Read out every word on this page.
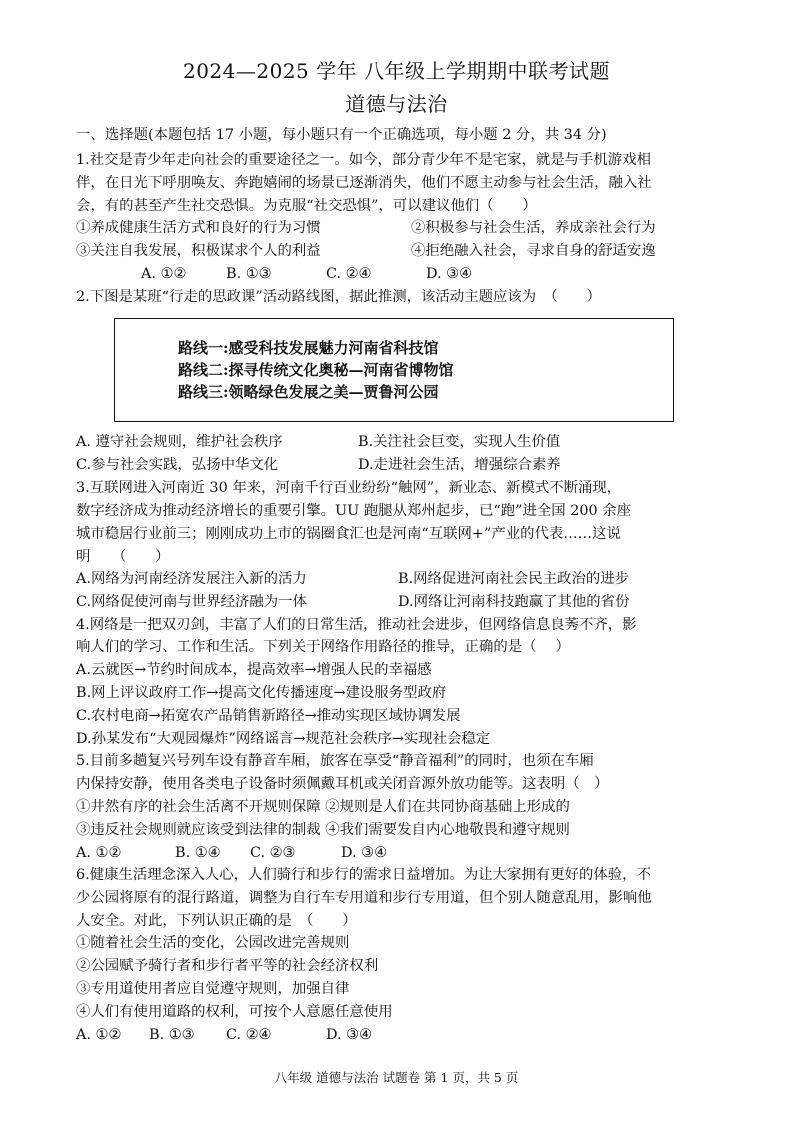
2024—2025 学年 八年级上学期期中联考试题
道德与法治
一、选择题(本题包括 17 小题，每小题只有一个正确选项，每小题 2 分，共 34 分)
1.社交是青少年走向社会的重要途径之一。如今，部分青少年不是宅家，就是与手机游戏相
伴，在日光下呼朋唤友、奔跑嬉闹的场景已逐渐消失，他们不愿主动参与社会生活，融入社
会，有的甚至产生社交恐惧。为克服“社交恐惧”，可以建议他们（　　）
①养成健康生活方式和良好的行为习惯	②积极参与社会生活，养成亲社会行为
③关注自我发展，积极谋求个人的利益	④拒绝融入社会，寻求自身的舒适安逸
A. ①②	B. ①③	C. ②④	D. ③④
2.下图是某班“行走的思政课”活动路线图，据此推测，该活动主题应该为　（　　）
路线一:感受科技发展魅力河南省科技馆
路线二:探寻传统文化奥秘—河南省博物馆
路线三:领略绿色发展之美—贾鲁河公园
A. 遵守社会规则，维护社会秩序	B.关注社会巨变，实现人生价值
C.参与社会实践，弘扬中华文化	D.走进社会生活，增强综合素养
3.互联网进入河南近 30 年来，河南千行百业纷纷“触网”，新业态、新模式不断涌现，
数字经济成为推动经济增长的重要引擎。UU 跑腿从郑州起步，已“跑”进全国 200 余座
城市稳居行业前三；刚刚成功上市的锅圈食汇也是河南“互联网+”产业的代表……这说
明　　（　　）
A.网络为河南经济发展注入新的活力	B.网络促进河南社会民主政治的进步
C.网络促使河南与世界经济融为一体	D.网络让河南科技跑赢了其他的省份
4.网络是一把双刃剑，丰富了人们的日常生活，推动社会进步，但网络信息良莠不齐，影
响人们的学习、工作和生活。下列关于网络作用路径的推导，正确的是（　 ）
A.云就医→节约时间成本，提高效率→增强人民的幸福感
B.网上评议政府工作→提高文化传播速度→建设服务型政府
C.农村电商→拓宽农产品销售新路径→推动实现区域协调发展
D.孙某发布“大观园爆炸”网络谣言→规范社会秩序→实现社会稳定
5.目前多趟复兴号列车设有静音车厢，旅客在享受“静音福利”的同时，也须在车厢
内保持安静，使用各类电子设备时须佩戴耳机或关闭音源外放功能等。这表明（　）
①井然有序的社会生活离不开规则保障 ②规则是人们在共同协商基础上形成的
③违反社会规则就应该受到法律的制裁 ④我们需要发自内心地敬畏和遵守规则
A. ①②	B. ①④ C. ②③	D. ③④
6.健康生活理念深入人心，人们骑行和步行的需求日益增加。为让大家拥有更好的体验，不
少公园将原有的混行路道，调整为自行车专用道和步行专用道，但个别人随意乱用，影响他
人安全。对此，下列认识正确的是　（　　）
①随着社会生活的变化，公园改进完善规则
②公园赋予骑行者和步行者平等的社会经济权利
③专用道使用者应自觉遵守规则，加强自律
④人们有使用道路的权利，可按个人意愿任意使用
A. ①② B. ①③ C. ②④	D. ③④
八年级 道德与法治 试题卷 第 1 页，共 5 页
